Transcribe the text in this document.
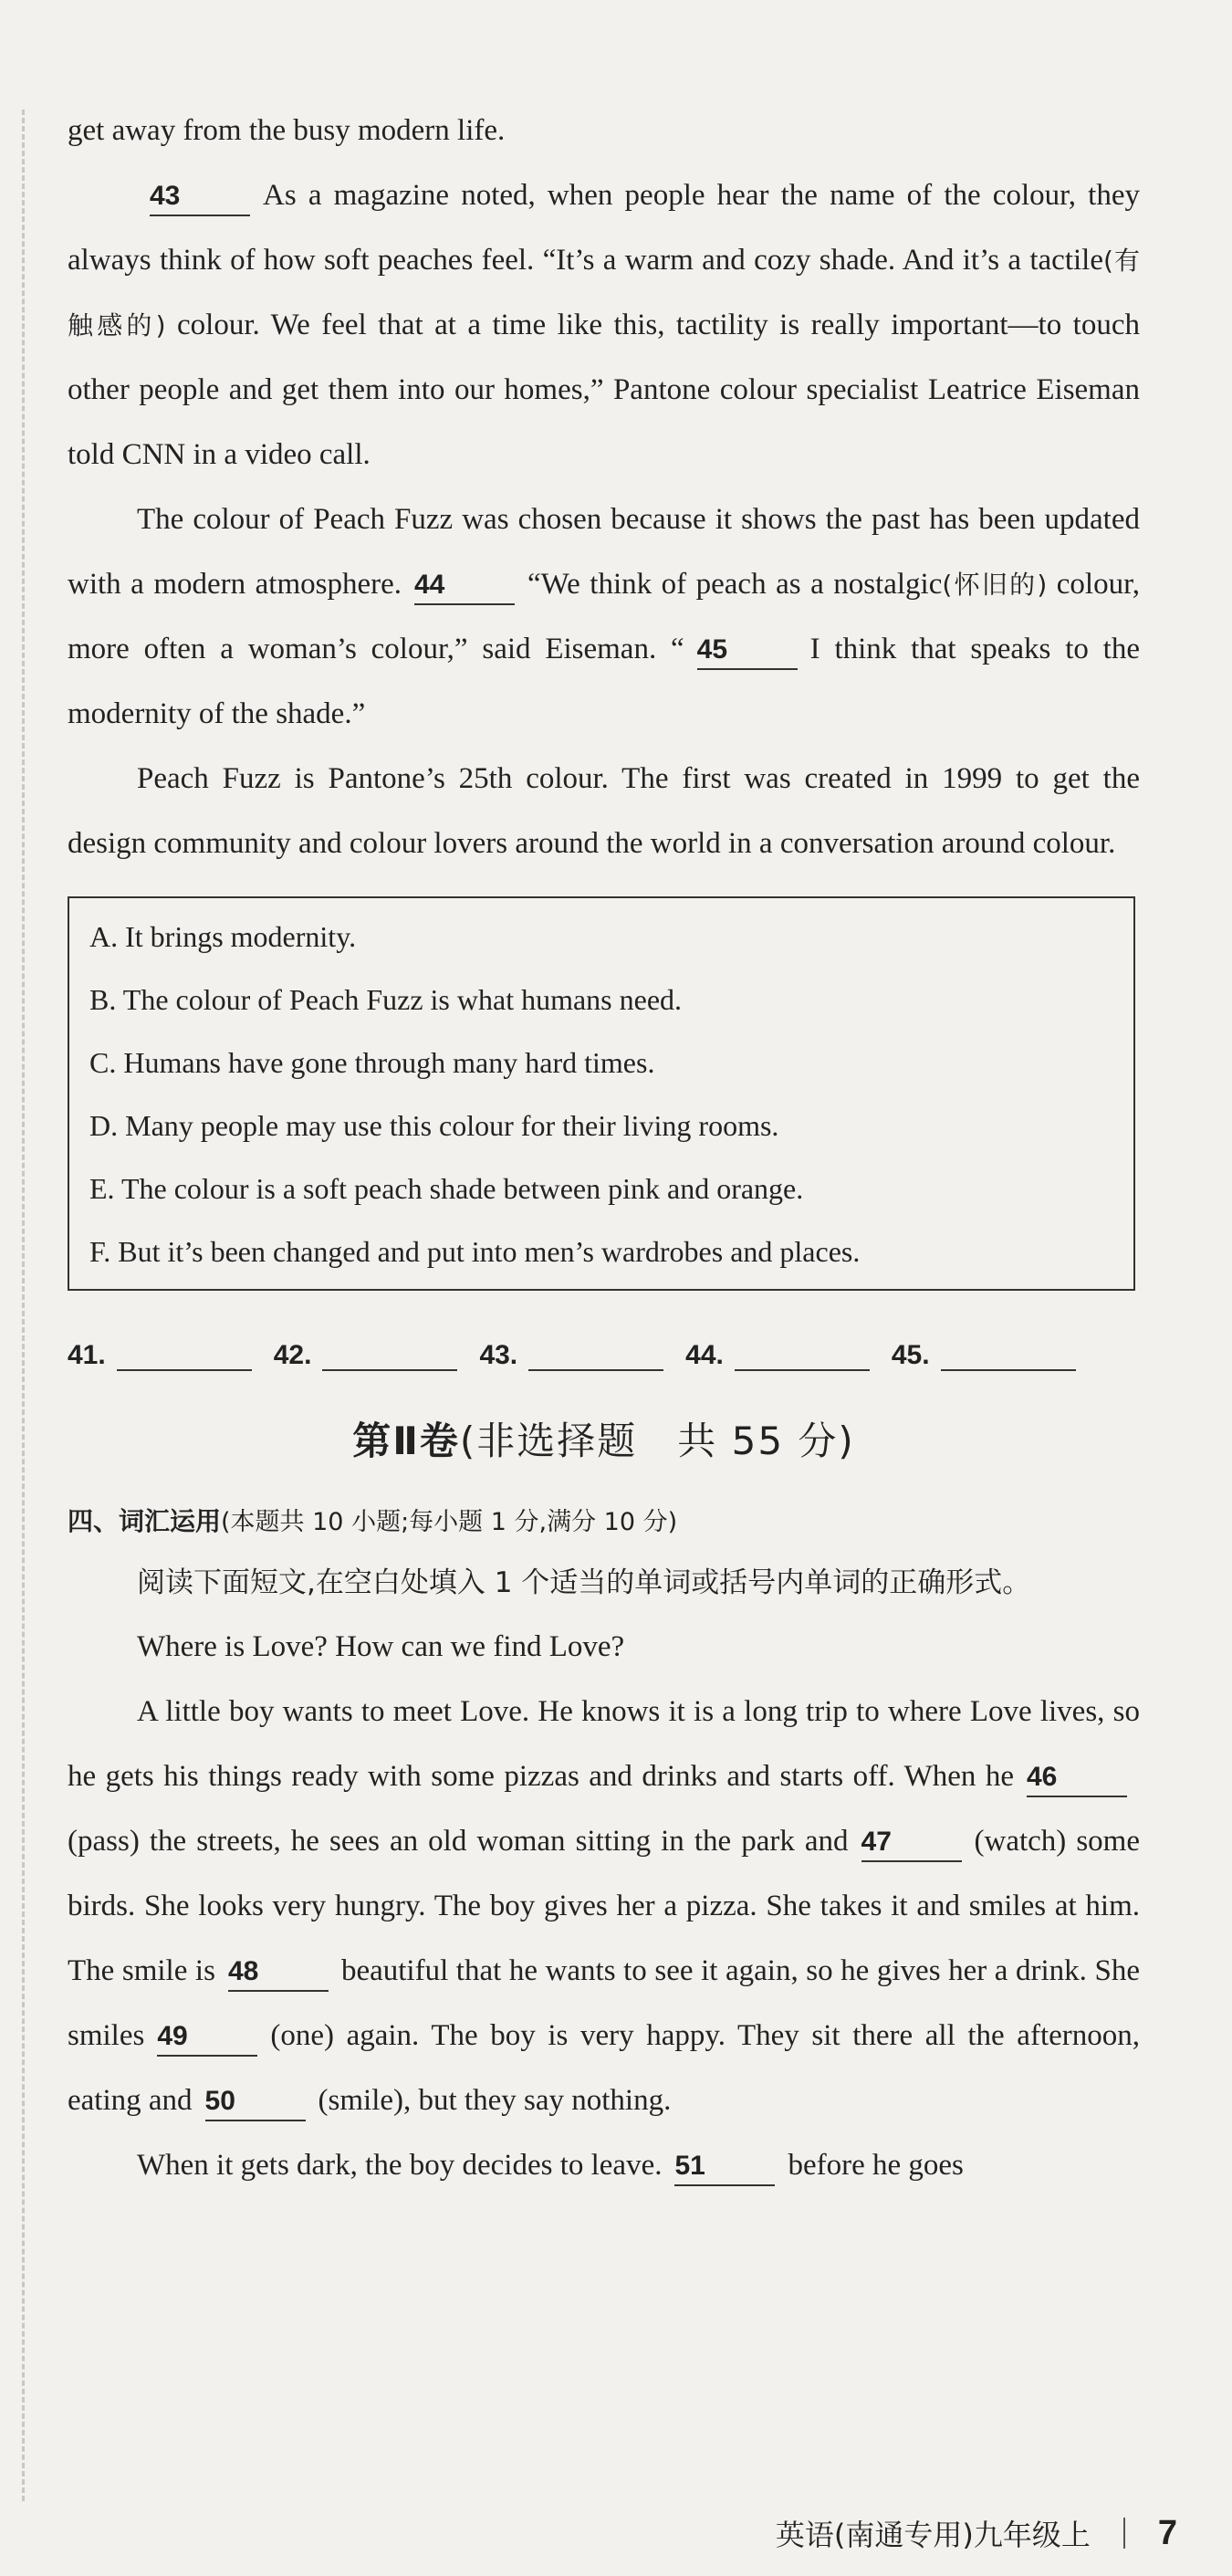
get away from the busy modern life.

43	As a magazine noted, when people hear the name of the colour, they always think of how soft peaches feel. “It’s a warm and cozy shade. And it’s a tactile(有触感的) colour. We feel that at a time like this, tactility is really important—to touch other people and get them into our homes,” Pantone colour specialist Leatrice Eiseman told CNN in a video call.

The colour of Peach Fuzz was chosen because it shows the past has been updated with a modern atmosphere. 44	“We think of peach as a nostalgic(怀旧的) colour, more often a woman’s colour,” said Eiseman. “ 45	I think that speaks to the modernity of the shade.”

Peach Fuzz is Pantone’s 25th colour. The first was created in 1999 to get the design community and colour lovers around the world in a conversation around colour.

A. It brings modernity.

B. The colour of Peach Fuzz is what humans need.

C. Humans have gone through many hard times.

D. Many people may use this colour for their living rooms.

E. The colour is a soft peach shade between pink and orange.

F. But it’s been changed and put into men’s wardrobes and places.

41.	42.	43.	44.	45.
第Ⅱ卷(非选择题　共 55 分)

四、词汇运用(本题共 10 小题;每小题 1 分,满分 10 分)

阅读下面短文,在空白处填入 1 个适当的单词或括号内单词的正确形式。

Where is Love? How can we find Love?

A little boy wants to meet Love. He knows it is a long trip to where Love lives, so he gets his things ready with some pizzas and drinks and starts off. When he 46(pass) the streets, he sees an old woman sitting in the park and 47	(watch) some birds. She looks very hungry. The boy gives her a pizza. She takes it and smiles at him. The smile is 48	beautiful that he wants to see it again, so he gives her a drink. She smiles 49	(one) again. The boy is very happy. They sit there all the afternoon, eating and 50	(smile), but they say nothing.

When it gets dark, the boy decides to leave. 51	before he goes

英语(南通专用)九年级上 7
